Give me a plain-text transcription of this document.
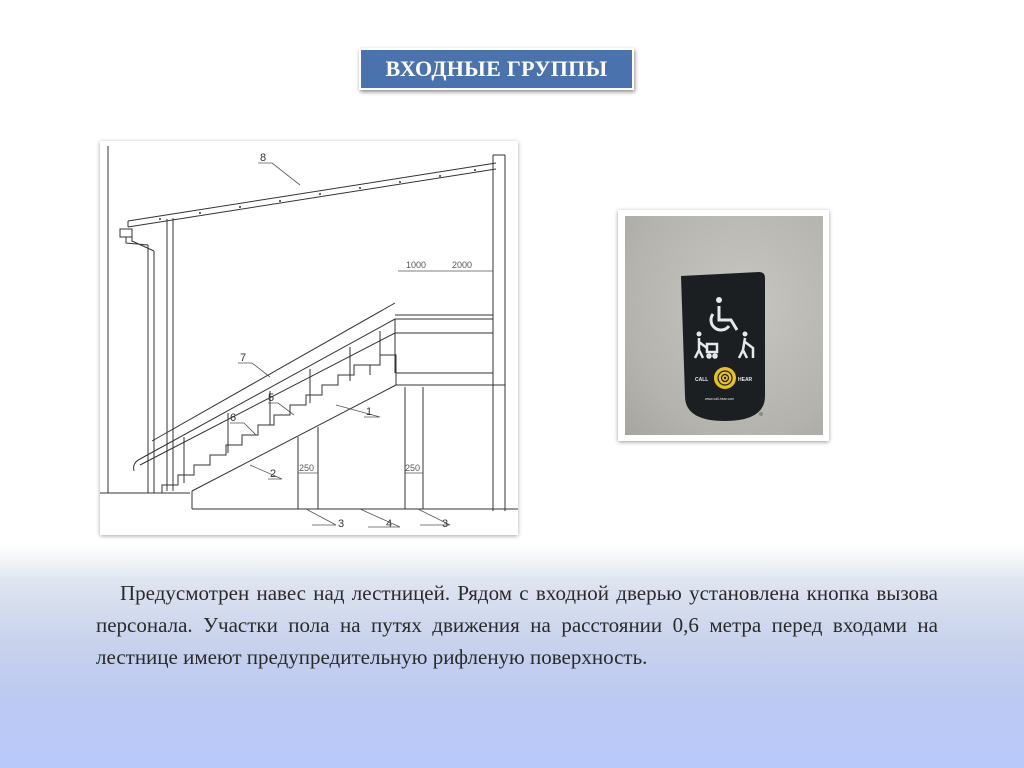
ВХОДНЫЕ ГРУППЫ
8
7
5
6	1
2
3	4	3
1000	2000
250	250
CALL	HEAR
www.call-hear.com

Предусмотрен навес над лестницей. Рядом с входной дверью установлена кнопка вызова персонала. Участки пола на путях движения на расстоянии 0,6 метра перед входами на лестнице имеют предупредительную рифленую поверхность.
